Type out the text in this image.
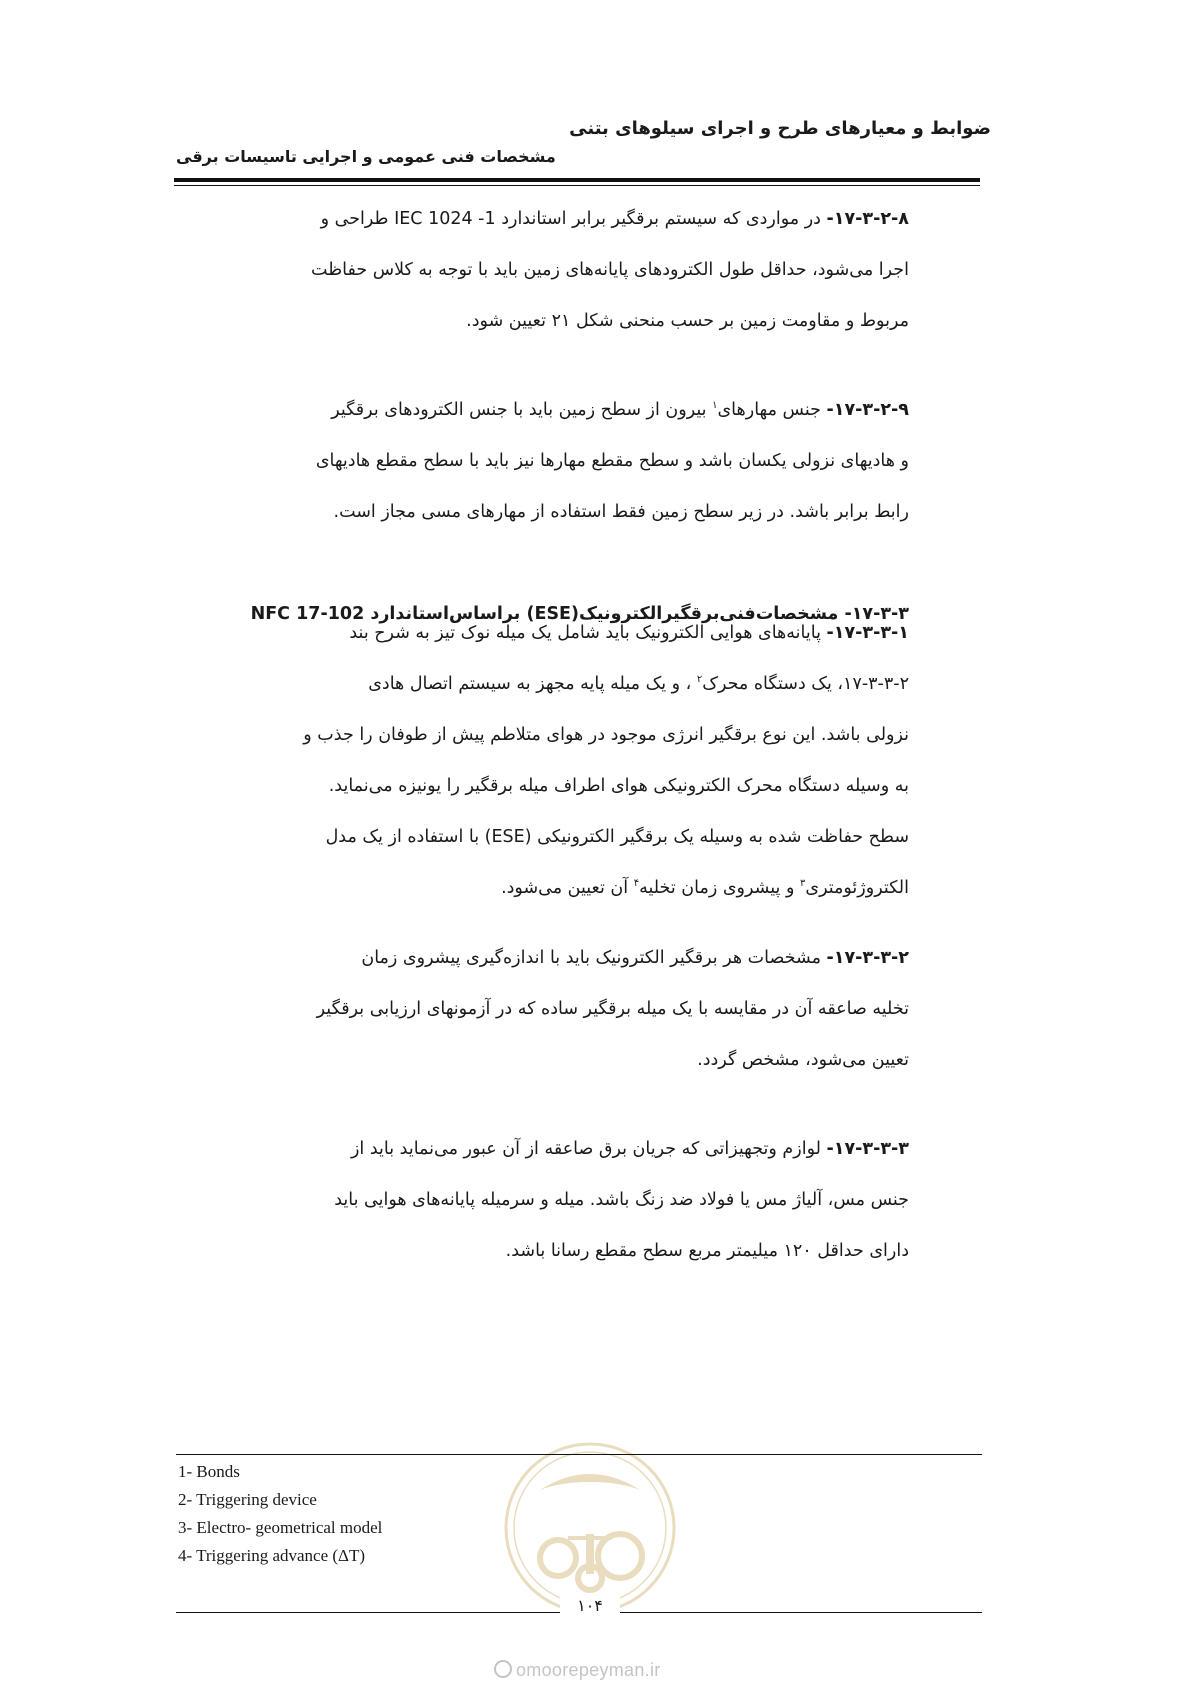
ضوابط و معیارهای طرح و اجرای سیلوهای بتنی
مشخصات فنی عمومی و اجرایی تاسیسات برقی
۱۷-۳-۲-۸- در مواردی که سیستم برقگیر برابر استاندارد 1- IEC 1024 طراحی و
اجرا می‌شود، حداقل طول الکترودهای پایانه‌های زمین باید با توجه به کلاس حفاظت
مربوط و مقاومت زمین بر حسب منحنی شکل ۲۱ تعیین شود.
۱۷-۳-۲-۹- جنس مهارهای$^۱$ بیرون از سطح زمین باید با جنس الکترودهای برقگیر
و هادیهای نزولی یکسان باشد و سطح مقطع مهارها نیز باید با سطح مقطع هادیهای
رابط برابر باشد. در زیر سطح زمین فقط استفاده از مهارهای مسی مجاز است.
۱۷-۳-۳- مشخصات‌فنی‌برقگیرالکترونیک(ESE) براساس‌استاندارد NFC 17-102
۱۷-۳-۳-۱- پایانه‌های هوایی الکترونیک باید شامل یک میله نوک تیز به شرح بند
۱۷-۳-۳-۲، یک دستگاه محرک$^۲$ ، و یک میله پایه مجهز به سیستم اتصال هادی
نزولی باشد. این نوع برقگیر انرژی موجود در هوای متلاطم پیش از طوفان را جذب و
به وسیله دستگاه محرک الکترونیکی هوای اطراف میله برقگیر را یونیزه می‌نماید.
سطح حفاظت شده به وسیله یک برقگیر الکترونیکی (ESE) با استفاده از یک مدل
الکتروژئومتری$^۳$ و پیشروی زمان تخلیه$^۴$ آن تعیین می‌شود.
۱۷-۳-۳-۲- مشخصات هر برقگیر الکترونیک باید با اندازه‌گیری پیشروی زمان
تخلیه صاعقه آن در مقایسه با یک میله برقگیر ساده که در آزمونهای ارزیابی برقگیر
تعیین می‌شود، مشخص گردد.
۱۷-۳-۳-۳- لوازم وتجهیزاتی که جریان برق صاعقه از آن عبور می‌نماید باید از
جنس مس، آلیاژ مس یا فولاد ضد زنگ باشد. میله و سرمیله پایانه‌های هوایی باید
دارای حداقل ۱۲۰ میلیمتر مربع سطح مقطع رسانا باشد.
1- Bonds
2- Triggering device
3- Electro- geometrical model
4- Triggering advance (ΔT)
۱۰۴
omoorepeyman.ir
